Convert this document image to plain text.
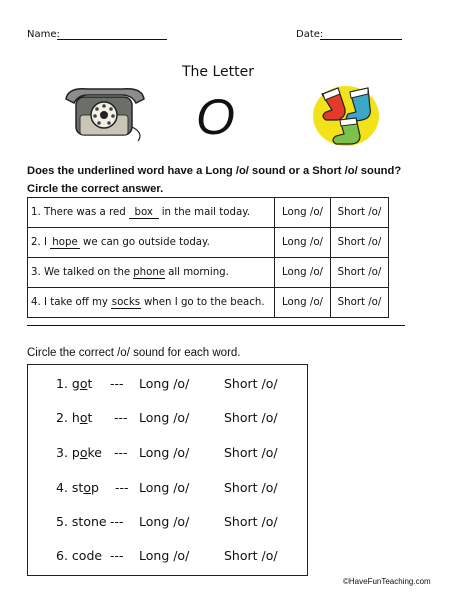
Name:	Date:
The Letter
O
Does the underlined word have a Long /o/ sound or a Short /o/ sound? Circle the correct answer.
1. There was a red box in the mail today.	Long /o/	Short /o/
2. I hope we can go outside today.	Long /o/	Short /o/
3. We talked on the phone all morning.	Long /o/	Short /o/
4. I take off my socks when I go to the beach.	Long /o/	Short /o/
Circle the correct /o/ sound for each word.
1. got --- Long /o/	Short /o/
2. hot --- Long /o/	Short /o/
3. poke --- Long /o/	Short /o/
4. stop --- Long /o/	Short /o/
5. stone --- Long /o/	Short /o/
6. code --- Long /o/	Short /o/
©HaveFunTeaching.com
